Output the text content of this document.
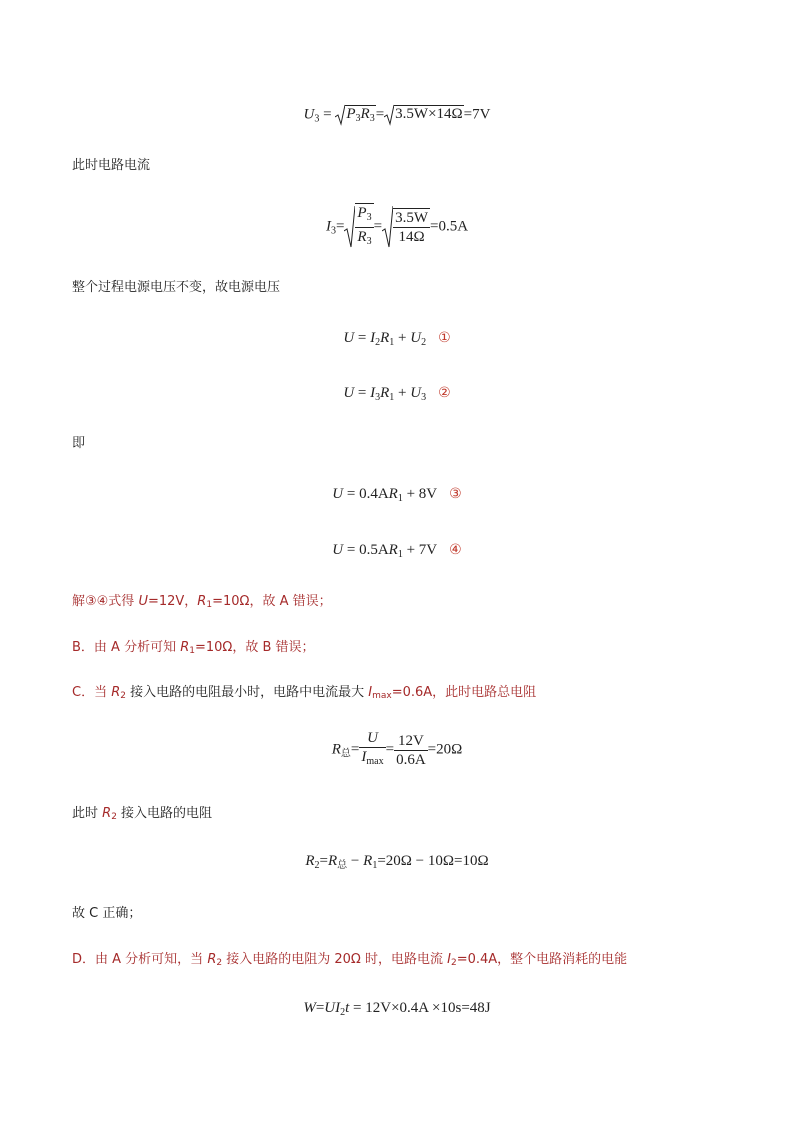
$U_3 = P_3R_3= 3.5W\times 14\Omega=7V$
此时电路电流
$I_3= \frac{P_3}{R_3} = \frac{3.5W}{14\Omega} =0.5A$
整个过程电源电压不变，故电源电压
$U = I_2R_1 + U_2$ ①
$U = I_3R_1 + U_3$ ②
即
$U = 0.4AR_1 + 8V$ ③
$U = 0.5AR_1 + 7V$ ④
解③④式得 U=12V，$R_1=10\Omega$，故 A 错误；
B．由 A 分析可知 $R_1=10\Omega$，故 B 错误；
C．当 $R_2$ 接入电路的电阻最小时，电路中电流最大 $I_{max}=0.6A$，此时电路总电阻
$R_总= \frac{U}{I_{max}} = \frac{12V}{0.6A} =20\Omega$
此时 $R_2$ 接入电路的电阻
$R_2=R_总 - R_1=20\Omega - 10\Omega=10\Omega$
故 C 正确；
D．由 A 分析可知，当 $R_2$ 接入电路的电阻为 20Ω 时，电路电流 $I_2=0.4A$，整个电路消耗的电能
$W=UI_2t = 12V\times 0.4A \times 10s=48J$
